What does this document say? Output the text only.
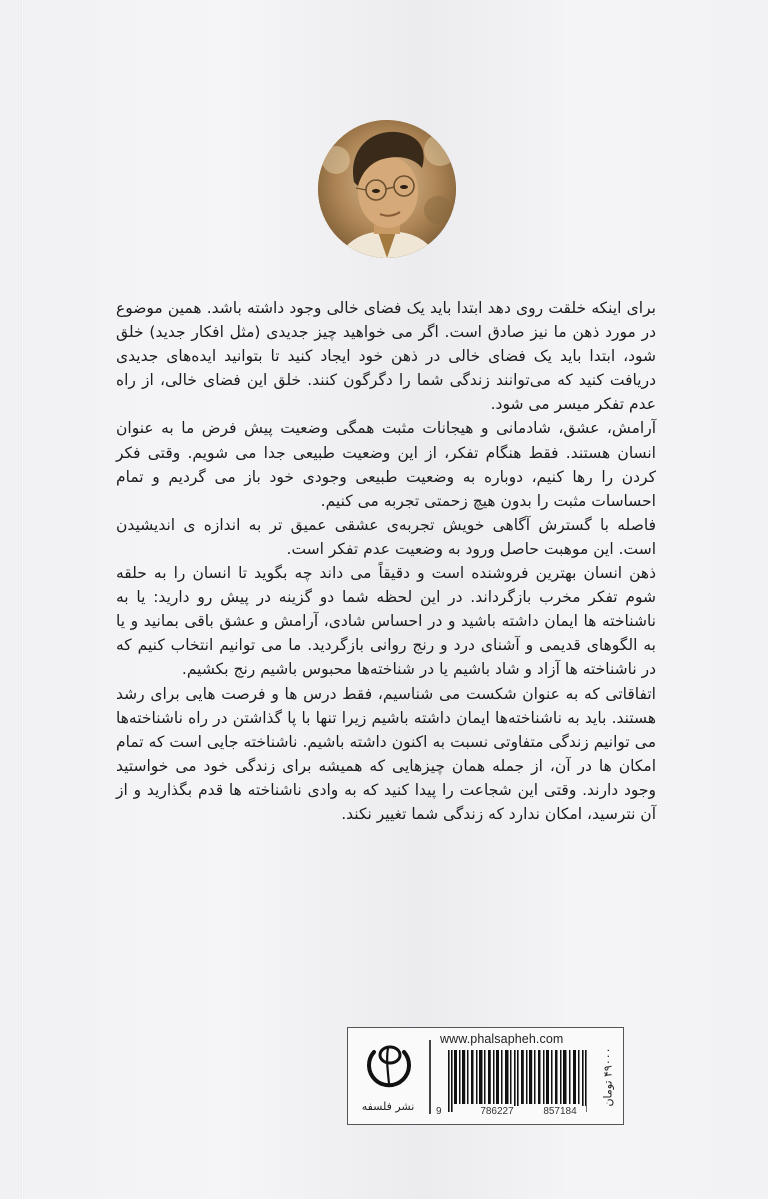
برای اینکه خلقت روی دهد ابتدا باید یک فضای خالی وجود داشته باشد. همین موضوع در مورد ذهن ما نیز صادق است. اگر می خواهید چیز جدیدی (مثل افکار جدید) خلق شود، ابتدا باید یک فضای خالی در ذهن خود ایجاد کنید تا بتوانید ایده‌های جدیدی دریافت کنید که می‌توانند زندگی شما را دگرگون کنند. خلق این فضای خالی، از راه عدم تفکر میسر می شود.

آرامش، عشق، شادمانی و هیجانات مثبت همگی وضعیت پیش فرض ما به عنوان انسان هستند. فقط هنگام تفکر، از این وضعیت طبیعی جدا می شویم. وقتی فکر کردن را رها کنیم، دوباره به وضعیت طبیعی وجودی خود باز می گردیم و تمام احساسات مثبت را بدون هیچ زحمتی تجربه می کنیم.

فاصله با گسترش آگاهی خویش تجربه‌ی عشقی عمیق تر به اندازه ی اندیشیدن است. این موهبت حاصل ورود به وضعیت عدم تفکر است.

ذهن انسان بهترین فروشنده است و دقیقاً می داند چه بگوید تا انسان را به حلقه شوم تفکر مخرب بازگرداند. در این لحظه شما دو گزینه در پیش رو دارید: یا به ناشناخته ها ایمان داشته باشید و در احساس شادی، آرامش و عشق باقی بمانید و یا به الگوهای قدیمی و آشنای درد و رنج روانی بازگردید. ما می توانیم انتخاب کنیم که در ناشناخته ها آزاد و شاد باشیم یا در شناخته‌ها محبوس باشیم رنج بکشیم.

اتفاقاتی که به عنوان شکست می شناسیم، فقط درس ها و فرصت هایی برای رشد هستند. باید به ناشناخته‌ها ایمان داشته باشیم زیرا تنها با پا گذاشتن در راه ناشناخته‌ها می توانیم زندگی متفاوتی نسبت به اکنون داشته باشیم. ناشناخته جایی است که تمام امکان ها در آن، از جمله همان چیزهایی که همیشه برای زندگی خود می خواستید وجود دارند. وقتی این شجاعت را پیدا کنید که به وادی ناشناخته ها قدم بگذارید و از آن نترسید، امکان ندارد که زندگی شما تغییر نکند.

نشر فلسفه
www.phalsapheh.com
9	786227	857184
۴۹۰۰۰ تومان
